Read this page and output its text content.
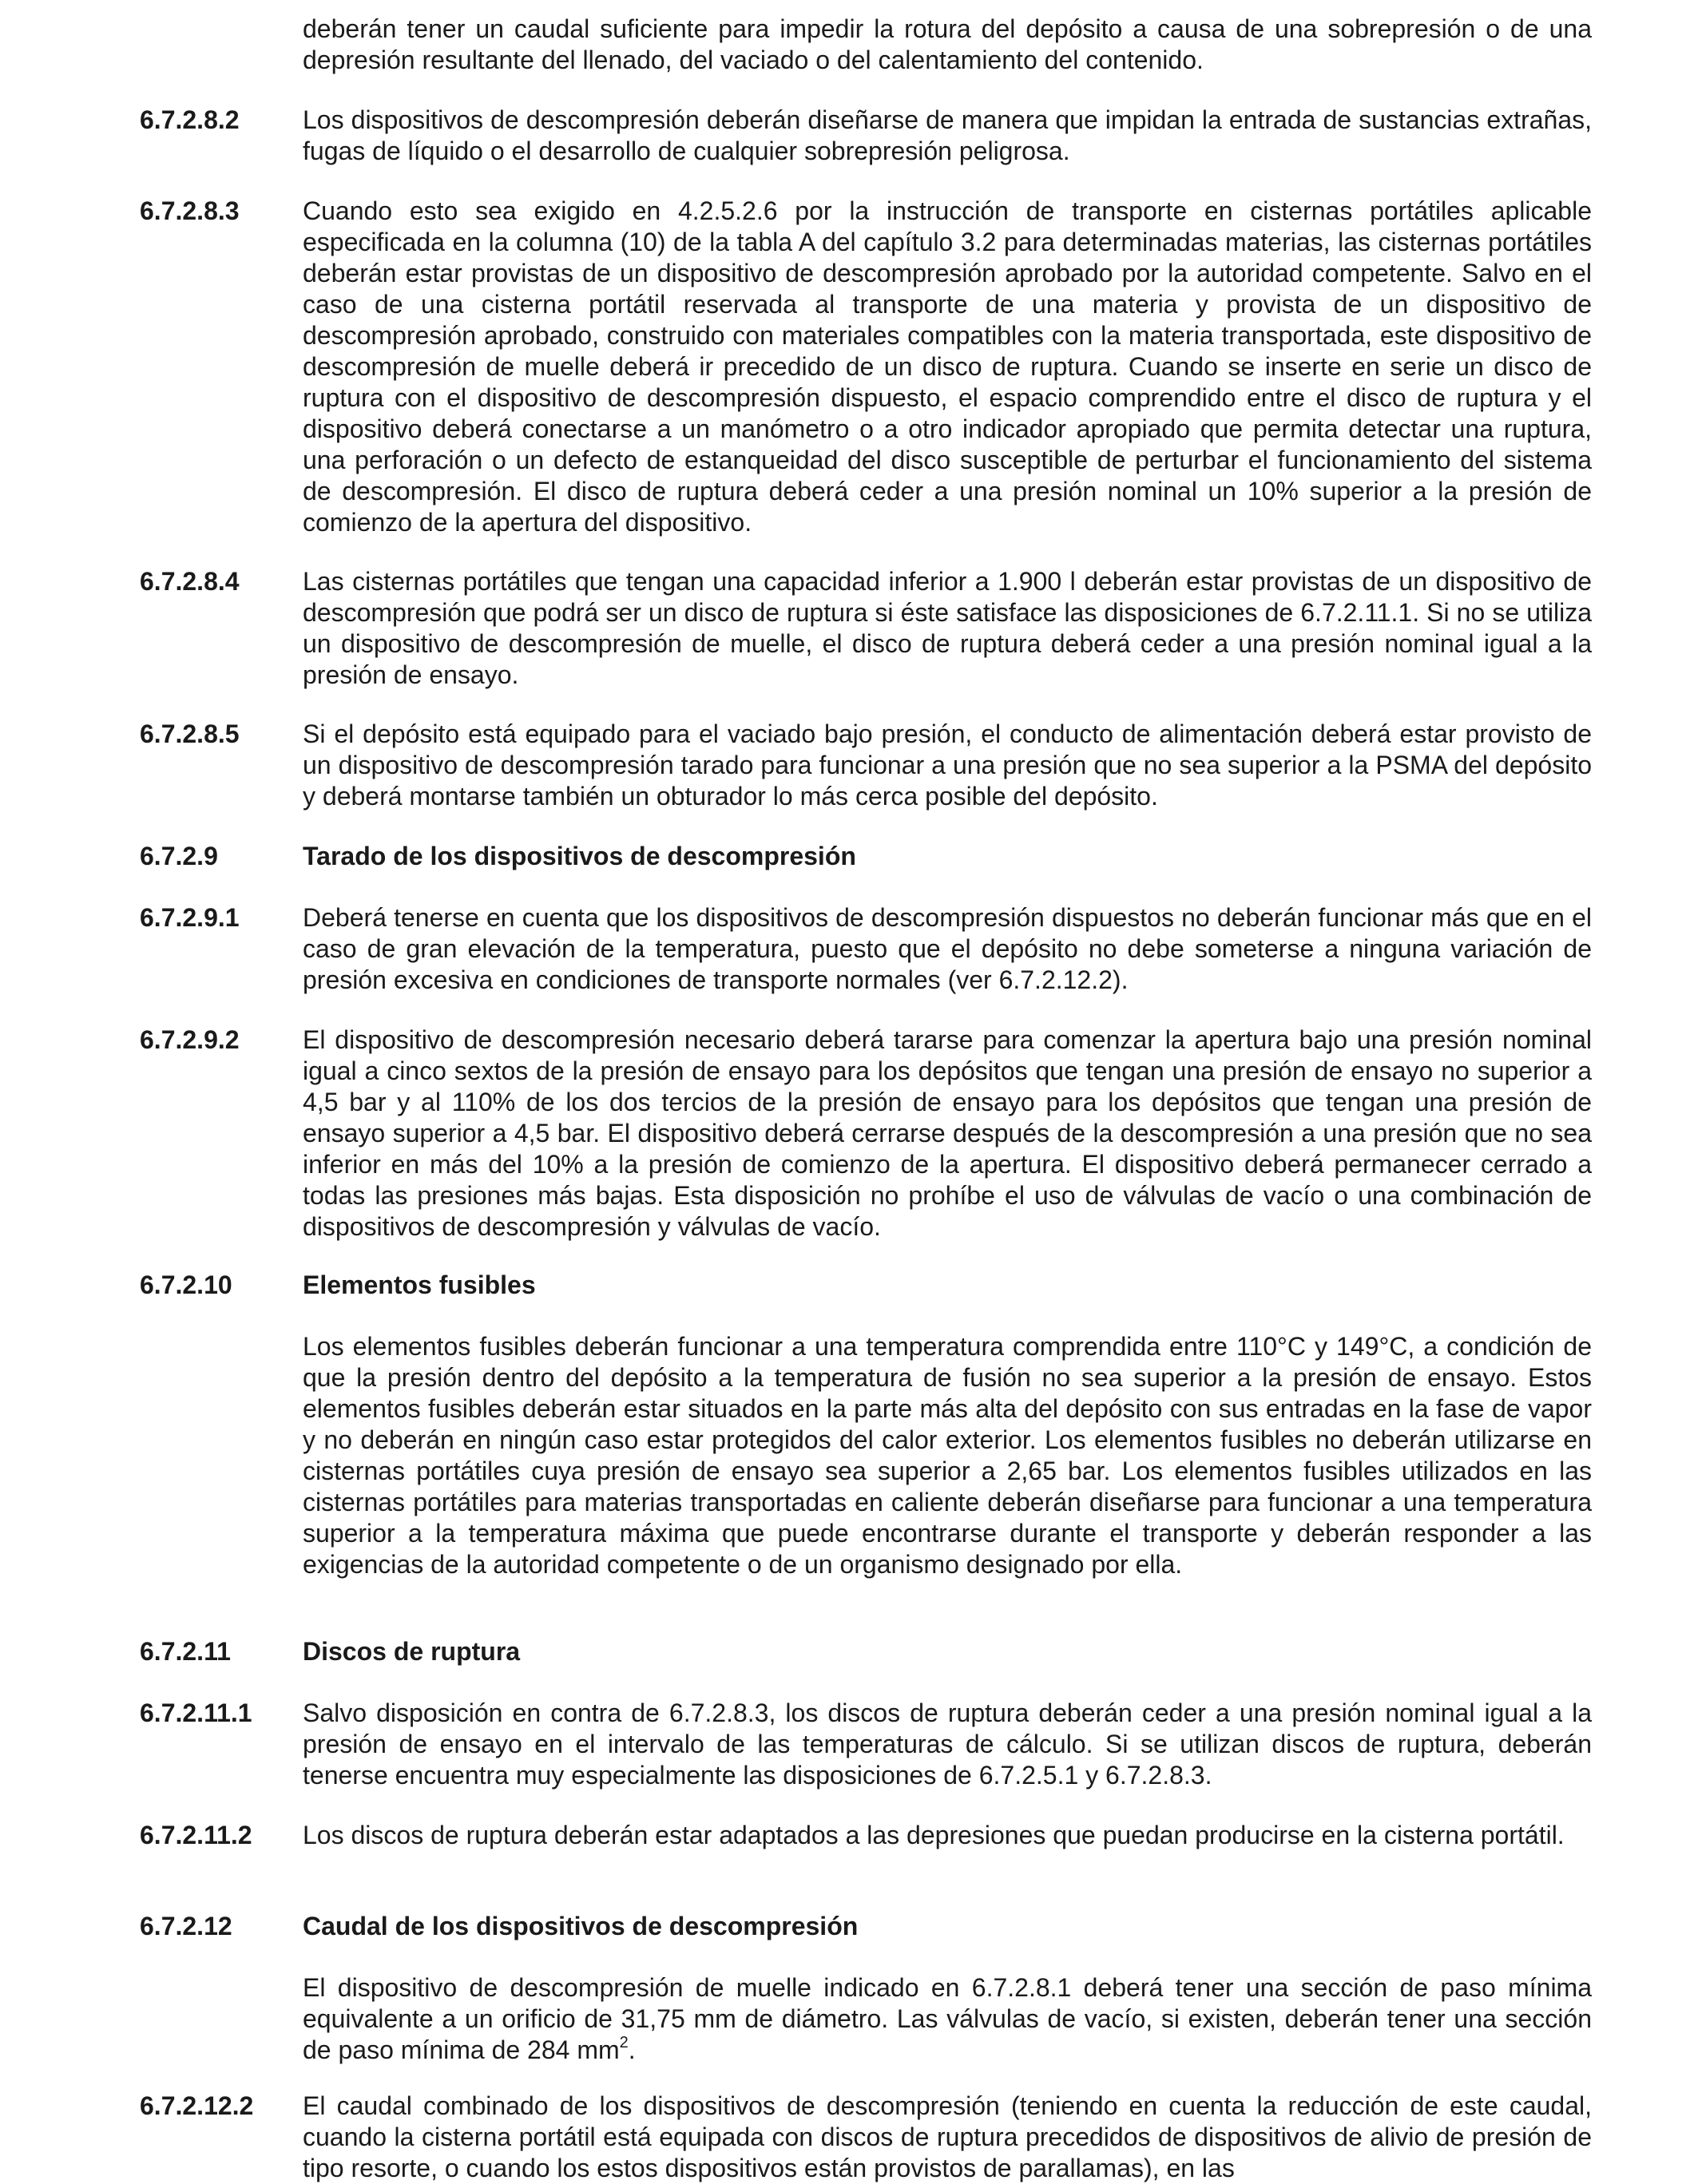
deberán tener un caudal suficiente para impedir la rotura del depósito a causa de una sobrepresión o de una depresión resultante del llenado, del vaciado o del calentamiento del contenido.
6.7.2.8.2 Los dispositivos de descompresión deberán diseñarse de manera que impidan la entrada de sustancias extrañas, fugas de líquido o el desarrollo de cualquier sobrepresión peligrosa.
6.7.2.8.3 Cuando esto sea exigido en 4.2.5.2.6 por la instrucción de transporte en cisternas portátiles aplicable especificada en la columna (10) de la tabla A del capítulo 3.2 para determinadas materias, las cisternas portátiles deberán estar provistas de un dispositivo de descompresión aprobado por la autoridad competente. Salvo en el caso de una cisterna portátil reservada al transporte de una materia y provista de un dispositivo de descompresión aprobado, construido con materiales compatibles con la materia transportada, este dispositivo de descompresión de muelle deberá ir precedido de un disco de ruptura. Cuando se inserte en serie un disco de ruptura con el dispositivo de descompresión dispuesto, el espacio comprendido entre el disco de ruptura y el dispositivo deberá conectarse a un manómetro o a otro indicador apropiado que permita detectar una ruptura, una perforación o un defecto de estanqueidad del disco susceptible de perturbar el funcionamiento del sistema de descompresión. El disco de ruptura deberá ceder a una presión nominal un 10% superior a la presión de comienzo de la apertura del dispositivo.
6.7.2.8.4 Las cisternas portátiles que tengan una capacidad inferior a 1.900 l deberán estar provistas de un dispositivo de descompresión que podrá ser un disco de ruptura si éste satisface las disposiciones de 6.7.2.11.1. Si no se utiliza un dispositivo de descompresión de muelle, el disco de ruptura deberá ceder a una presión nominal igual a la presión de ensayo.
6.7.2.8.5 Si el depósito está equipado para el vaciado bajo presión, el conducto de alimentación deberá estar provisto de un dispositivo de descompresión tarado para funcionar a una presión que no sea superior a la PSMA del depósito y deberá montarse también un obturador lo más cerca posible del depósito.
6.7.2.9	Tarado de los dispositivos de descompresión
6.7.2.9.1 Deberá tenerse en cuenta que los dispositivos de descompresión dispuestos no deberán funcionar más que en el caso de gran elevación de la temperatura, puesto que el depósito no debe someterse a ninguna variación de presión excesiva en condiciones de transporte normales (ver 6.7.2.12.2).
6.7.2.9.2 El dispositivo de descompresión necesario deberá tararse para comenzar la apertura bajo una presión nominal igual a cinco sextos de la presión de ensayo para los depósitos que tengan una presión de ensayo no superior a 4,5 bar y al 110% de los dos tercios de la presión de ensayo para los depósitos que tengan una presión de ensayo superior a 4,5 bar. El dispositivo deberá cerrarse después de la descompresión a una presión que no sea inferior en más del 10% a la presión de comienzo de la apertura. El dispositivo deberá permanecer cerrado a todas las presiones más bajas. Esta disposición no prohíbe el uso de válvulas de vacío o una combinación de dispositivos de descompresión y válvulas de vacío.
6.7.2.10	Elementos fusibles
Los elementos fusibles deberán funcionar a una temperatura comprendida entre 110°C y 149°C, a condición de que la presión dentro del depósito a la temperatura de fusión no sea superior a la presión de ensayo. Estos elementos fusibles deberán estar situados en la parte más alta del depósito con sus entradas en la fase de vapor y no deberán en ningún caso estar protegidos del calor exterior. Los elementos fusibles no deberán utilizarse en cisternas portátiles cuya presión de ensayo sea superior a 2,65 bar. Los elementos fusibles utilizados en las cisternas portátiles para materias transportadas en caliente deberán diseñarse para funcionar a una temperatura superior a la temperatura máxima que puede encontrarse durante el transporte y deberán responder a las exigencias de la autoridad competente o de un organismo designado por ella.
6.7.2.11	Discos de ruptura
6.7.2.11.1 Salvo disposición en contra de 6.7.2.8.3, los discos de ruptura deberán ceder a una presión nominal igual a la presión de ensayo en el intervalo de las temperaturas de cálculo. Si se utilizan discos de ruptura, deberán tenerse encuentra muy especialmente las disposiciones de 6.7.2.5.1 y 6.7.2.8.3.
6.7.2.11.2 Los discos de ruptura deberán estar adaptados a las depresiones que puedan producirse en la cisterna portátil.
6.7.2.12	Caudal de los dispositivos de descompresión
El dispositivo de descompresión de muelle indicado en 6.7.2.8.1 deberá tener una sección de paso mínima equivalente a un orificio de 31,75 mm de diámetro. Las válvulas de vacío, si existen, deberán tener una sección de paso mínima de 284 $mm^2$.
6.7.2.12.2 El caudal combinado de los dispositivos de descompresión (teniendo en cuenta la reducción de este caudal, cuando la cisterna portátil está equipada con discos de ruptura precedidos de dispositivos de alivio de presión de tipo resorte, o cuando los estos dispositivos están provistos de parallamas), en las
